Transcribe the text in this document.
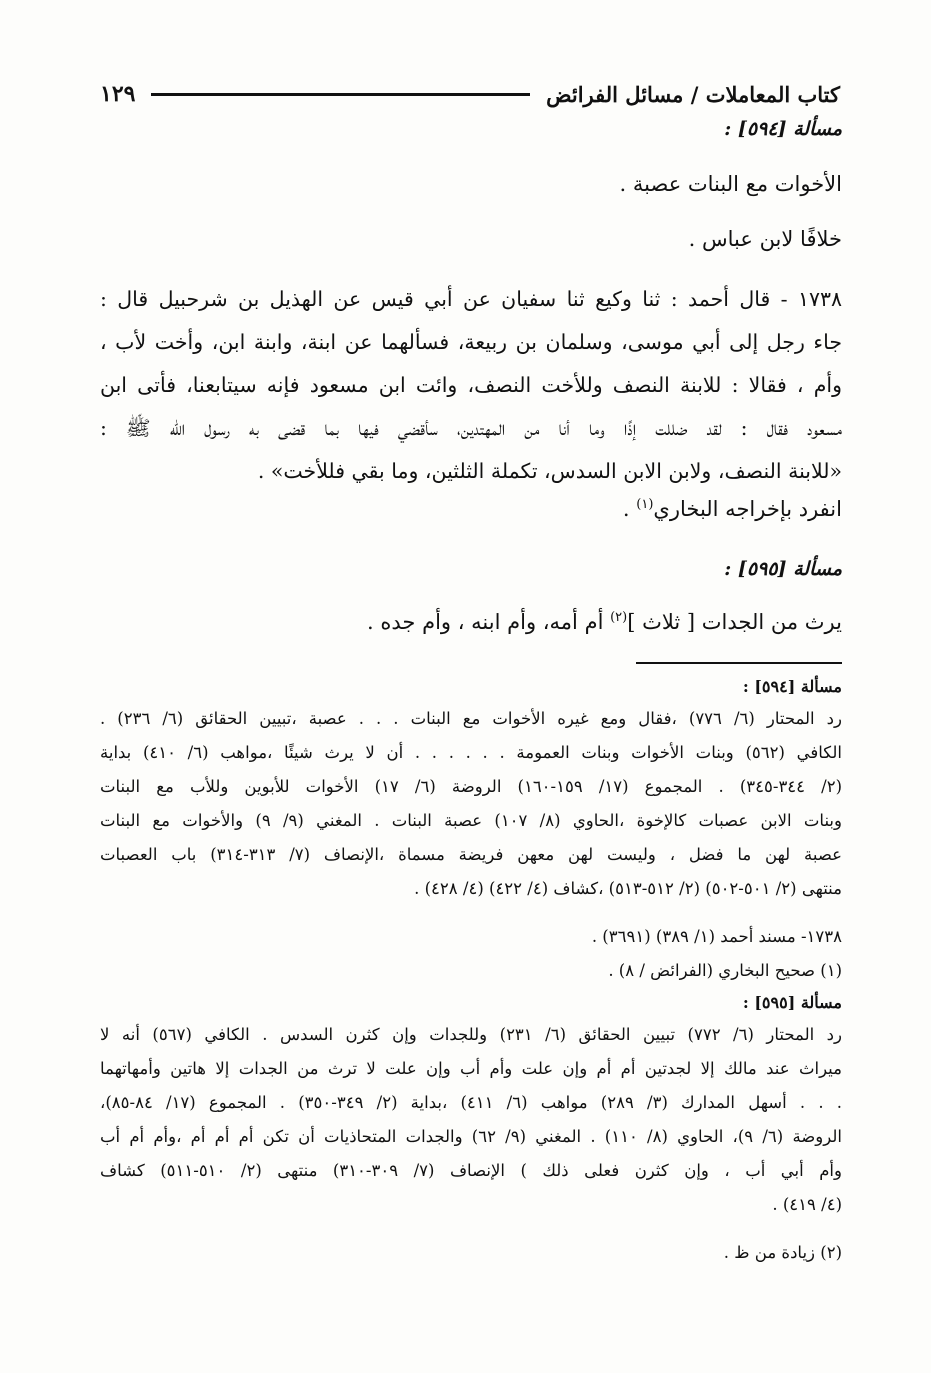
كتاب المعاملات / مسائل الفرائض
١٢٩
مسألة [٥٩٤] :
الأخوات مع البنات عصبة .
خلافًا لابن عباس .
١٧٣٨ - قال أحمد : ثنا وكيع ثنا سفيان عن أبي قيس عن الهذيل بن شرحبيل قال :
جاء رجل إلى أبي موسى، وسلمان بن ربيعة، فسألهما عن ابنة، وابنة ابن، وأخت لأب ،
وأم ، فقالا : للابنة النصف وللأخت النصف، وائت ابن مسعود فإنه سيتابعنا، فأتى ابن
مسعود فقال : لقد ضللت إذًا وما أنا من المهتدين، سأقضي فيها بما قضى به رسول الله ﷺ :
«للابنة النصف، ولابن الابن السدس، تكملة الثلثين، وما بقي فللأخت» .
انفرد بإخراجه البخاري$^{(١)}$ .
مسألة [٥٩٥] :
يرث من الجدات [ ثلاث ]$^{(٢)}$ أم أمه، وأم ابنه ، وأم جده .
مسألة [٥٩٤] :
رد المحتار (٦/ ٧٧٦) ،فقال ومع غيره الأخوات مع البنات . . . عصبة ،تبيين الحقائق (٦/ ٢٣٦) .
الكافي (٥٦٢) وبنات الأخوات وبنات العمومة . . . . . . أن لا يرث شيئًا ،مواهب (٦/ ٤١٠) بداية
(٢/ ٣٤٤-٣٤٥) . المجموع (١٧/ ١٥٩-١٦٠) الروضة (٦/ ١٧) الأخوات للأبوين وللأب مع البنات
وبنات الابن عصبات كالإخوة ،الحاوي (٨/ ١٠٧) عصبة البنات . المغني (٩/ ٩) والأخوات مع البنات
عصبة لهن ما فضل ، وليست لهن معهن فريضة مسماة ،الإنصاف (٧/ ٣١٣-٣١٤) باب العصبات
منتهى (٢/ ٥٠١-٥٠٢) (٢/ ٥١٢-٥١٣) ،كشاف (٤/ ٤٢٢) (٤/ ٤٢٨) .
١٧٣٨- مسند أحمد (١/ ٣٨٩) (٣٦٩١) .
(١) صحيح البخاري (الفرائض / ٨) .
مسألة [٥٩٥] :
رد المحتار (٦/ ٧٧٢) تبيين الحقائق (٦/ ٢٣١) وللجدات وإن كثرن السدس . الكافي (٥٦٧) أنه لا
ميراث عند مالك إلا لجدتين أم أم وإن علت وأم أب وإن علت لا ترث من الجدات إلا هاتين وأمهاتهما
. . . أسهل المدارك (٣/ ٢٨٩) مواهب (٦/ ٤١١) ،بداية (٢/ ٣٤٩-٣٥٠) . المجموع (١٧/ ٨٤-٨٥)،
الروضة (٦/ ٩)، الحاوي (٨/ ١١٠) . المغني (٩/ ٦٢) والجدات المتحاذيات أن تكن أم أم أم ،وأم أم أب
وأم أبي أب ، وإن كثرن فعلى ذلك ) الإنصاف (٧/ ٣٠٩-٣١٠) منتهى (٢/ ٥١٠-٥١١) كشاف
(٤/ ٤١٩) .
(٢) زيادة من ظ .
